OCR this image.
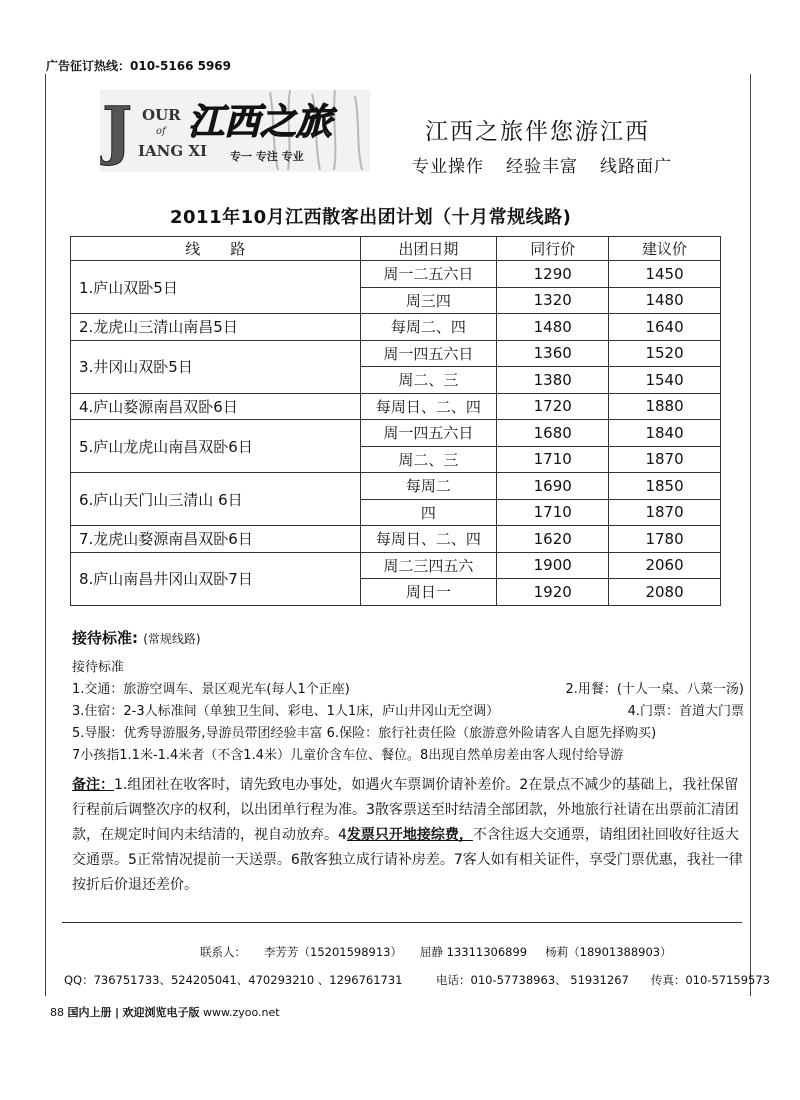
广告征订热线：010-5166 5969
J OUR
of
IANG XI
江西之旅
专一 专注 专业
江西之旅伴您游江西
专业操作 经验丰富 线路面广
2011年10月江西散客出团计划（十月常规线路)
线　　路	出团日期	同行价	建议价
1.庐山双卧5日	周一二五六日	1290	1450
	周三四	1320	1480
2.龙虎山三清山南昌5日	每周二、四	1480	1640
3.井冈山双卧5日	周一四五六日	1360	1520
	周二、三	1380	1540
4.庐山婺源南昌双卧6日	每周日、二、四	1720	1880
5.庐山龙虎山南昌双卧6日	周一四五六日	1680	1840
	周二、三	1710	1870
6.庐山天门山三清山 6日	每周二	1690	1850
	四	1710	1870
7.龙虎山婺源南昌双卧6日	每周日、二、四	1620	1780
8.庐山南昌井冈山双卧7日	周二三四五六	1900	2060
	周日一	1920	2080
接待标准: (常规线路)
接待标准
1.交通：旅游空调车、景区观光车(每人1个正座)	2.用餐：(十人一桌、八菜一汤)
3.住宿：2-3人标准间（单独卫生间、彩电、1人1床，庐山井冈山无空调）	4.门票：首道大门票
5.导服：优秀导游服务,导游员带团经验丰富 6.保险：旅行社责任险（旅游意外险请客人自愿先择购买)
7小孩指1.1米-1.4米者（不含1.4米）儿童价含车位、餐位。8出现自然单房差由客人现付给导游
备注：1.组团社在收客时，请先致电办事处，如遇火车票调价请补差价。2在景点不减少的基础上，我社保留行程前后调整次序的权利，以出团单行程为准。3散客票送至时结清全部团款，外地旅行社请在出票前汇清团款，在规定时间内未结清的，视自动放弃。4发票只开地接综费，不含往返大交通票，请组团社回收好往返大交通票。5正常情况提前一天送票。6散客独立成行请补房差。7客人如有相关证件，享受门票优惠，我社一律按折后价退还差价。
联系人： 李芳芳（15201598913） 屈静 13311306899 杨莉（18901388903）
QQ：736751733、524205041、470293210 、1296761731	电话：010-57738963、 51931267 传真：010-57159573
88 国内上册 | 欢迎浏览电子版 www.zyoo.net
